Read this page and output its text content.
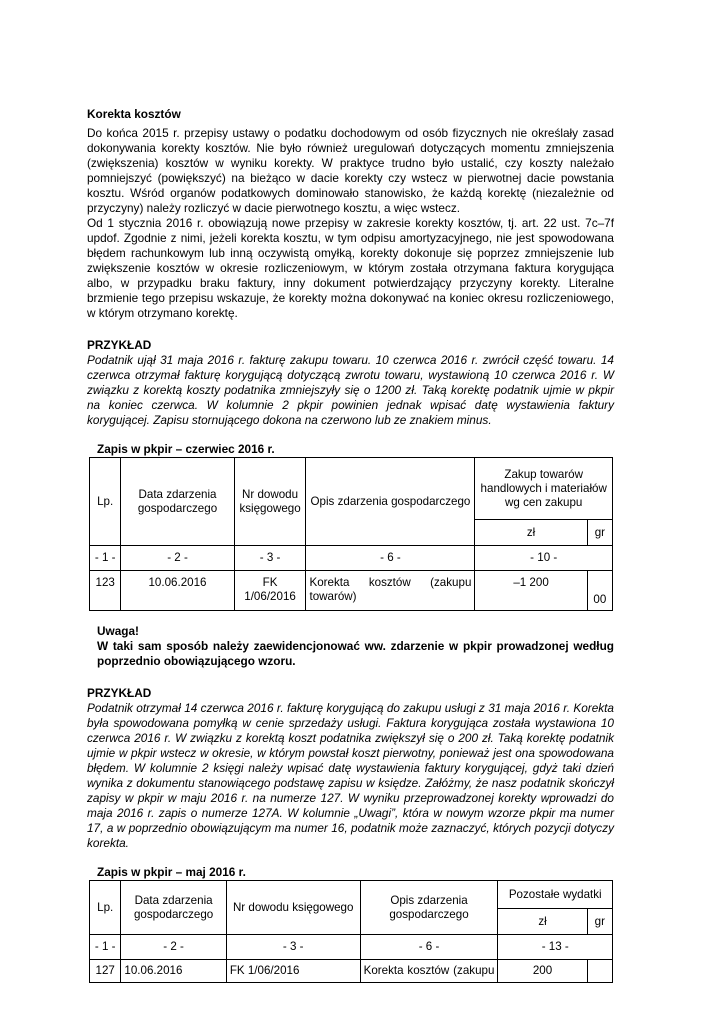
Korekta kosztów

Do końca 2015 r. przepisy ustawy o podatku dochodowym od osób fizycznych nie określały zasad dokonywania korekty kosztów. Nie było również uregulowań dotyczących momentu zmniejszenia (zwiększenia) kosztów w wyniku korekty. W praktyce trudno było ustalić, czy koszty należało pomniejszyć (powiększyć) na bieżąco w dacie korekty czy wstecz w pierwotnej dacie powstania kosztu. Wśród organów podatkowych dominowało stanowisko, że każdą korektę (niezależnie od przyczyny) należy rozliczyć w dacie pierwotnego kosztu, a więc wstecz.

Od 1 stycznia 2016 r. obowiązują nowe przepisy w zakresie korekty kosztów, tj. art. 22 ust. 7c–7f updof. Zgodnie z nimi, jeżeli korekta kosztu, w tym odpisu amortyzacyjnego, nie jest spowodowana błędem rachunkowym lub inną oczywistą omyłką, korekty dokonuje się poprzez zmniejszenie lub zwiększenie kosztów w okresie rozliczeniowym, w którym została otrzymana faktura korygująca albo, w przypadku braku faktury, inny dokument potwierdzający przyczyny korekty. Literalne brzmienie tego przepisu wskazuje, że korekty można dokonywać na koniec okresu rozliczeniowego, w którym otrzymano korektę.

PRZYKŁAD

Podatnik ujął 31 maja 2016 r. fakturę zakupu towaru. 10 czerwca 2016 r. zwrócił część towaru. 14 czerwca otrzymał fakturę korygującą dotyczącą zwrotu towaru, wystawioną 10 czerwca 2016 r. W związku z korektą koszty podatnika zmniejszyły się o 1200 zł. Taką korektę podatnik ujmie w pkpir na koniec czerwca. W kolumnie 2 pkpir powinien jednak wpisać datę wystawienia faktury korygującej. Zapisu stornującego dokona na czerwono lub ze znakiem minus.

Zapis w pkpir – czerwiec 2016 r.
Lp.	Data zdarzenia gospodarczego	Nr dowodu księgowego	Opis zdarzenia gospodarczego	Zakup towarów handlowych i materiałów wg cen zakupu	
				zł	gr
- 1 -	- 2 -	- 3 -	- 6 -	- 10 -	
123	10.06.2016	FK 1/06/2016	Korekta kosztów (zakupu towarów)	–1 200	00
Uwaga!

W taki sam sposób należy zaewidencjonować ww. zdarzenie w pkpir prowadzonej według poprzednio obowiązującego wzoru.

PRZYKŁAD

Podatnik otrzymał 14 czerwca 2016 r. fakturę korygującą do zakupu usługi z 31 maja 2016 r. Korekta była spowodowana pomyłką w cenie sprzedaży usługi. Faktura korygująca została wystawiona 10 czerwca 2016 r. W związku z korektą koszt podatnika zwiększył się o 200 zł. Taką korektę podatnik ujmie w pkpir wstecz w okresie, w którym powstał koszt pierwotny, ponieważ jest ona spowodowana błędem. W kolumnie 2 księgi należy wpisać datę wystawienia faktury korygującej, gdyż taki dzień wynika z dokumentu stanowiącego podstawę zapisu w księdze. Załóżmy, że nasz podatnik skończył zapisy w pkpir w maju 2016 r. na numerze 127. W wyniku przeprowadzonej korekty wprowadzi do maja 2016 r. zapis o numerze 127A. W kolumnie „Uwagi”, która w nowym wzorze pkpir ma numer 17, a w poprzednio obowiązującym ma numer 16, podatnik może zaznaczyć, których pozycji dotyczy korekta.

Zapis w pkpir – maj 2016 r.
Lp.	Data zdarzenia gospodarczego	Nr dowodu księgowego	Opis zdarzenia gospodarczego	Pozostałe wydatki	
				zł	gr
- 1 -	- 2 -	- 3 -	- 6 -	- 13 -	
127	10.06.2016	FK 1/06/2016	Korekta kosztów (zakupu	200	
